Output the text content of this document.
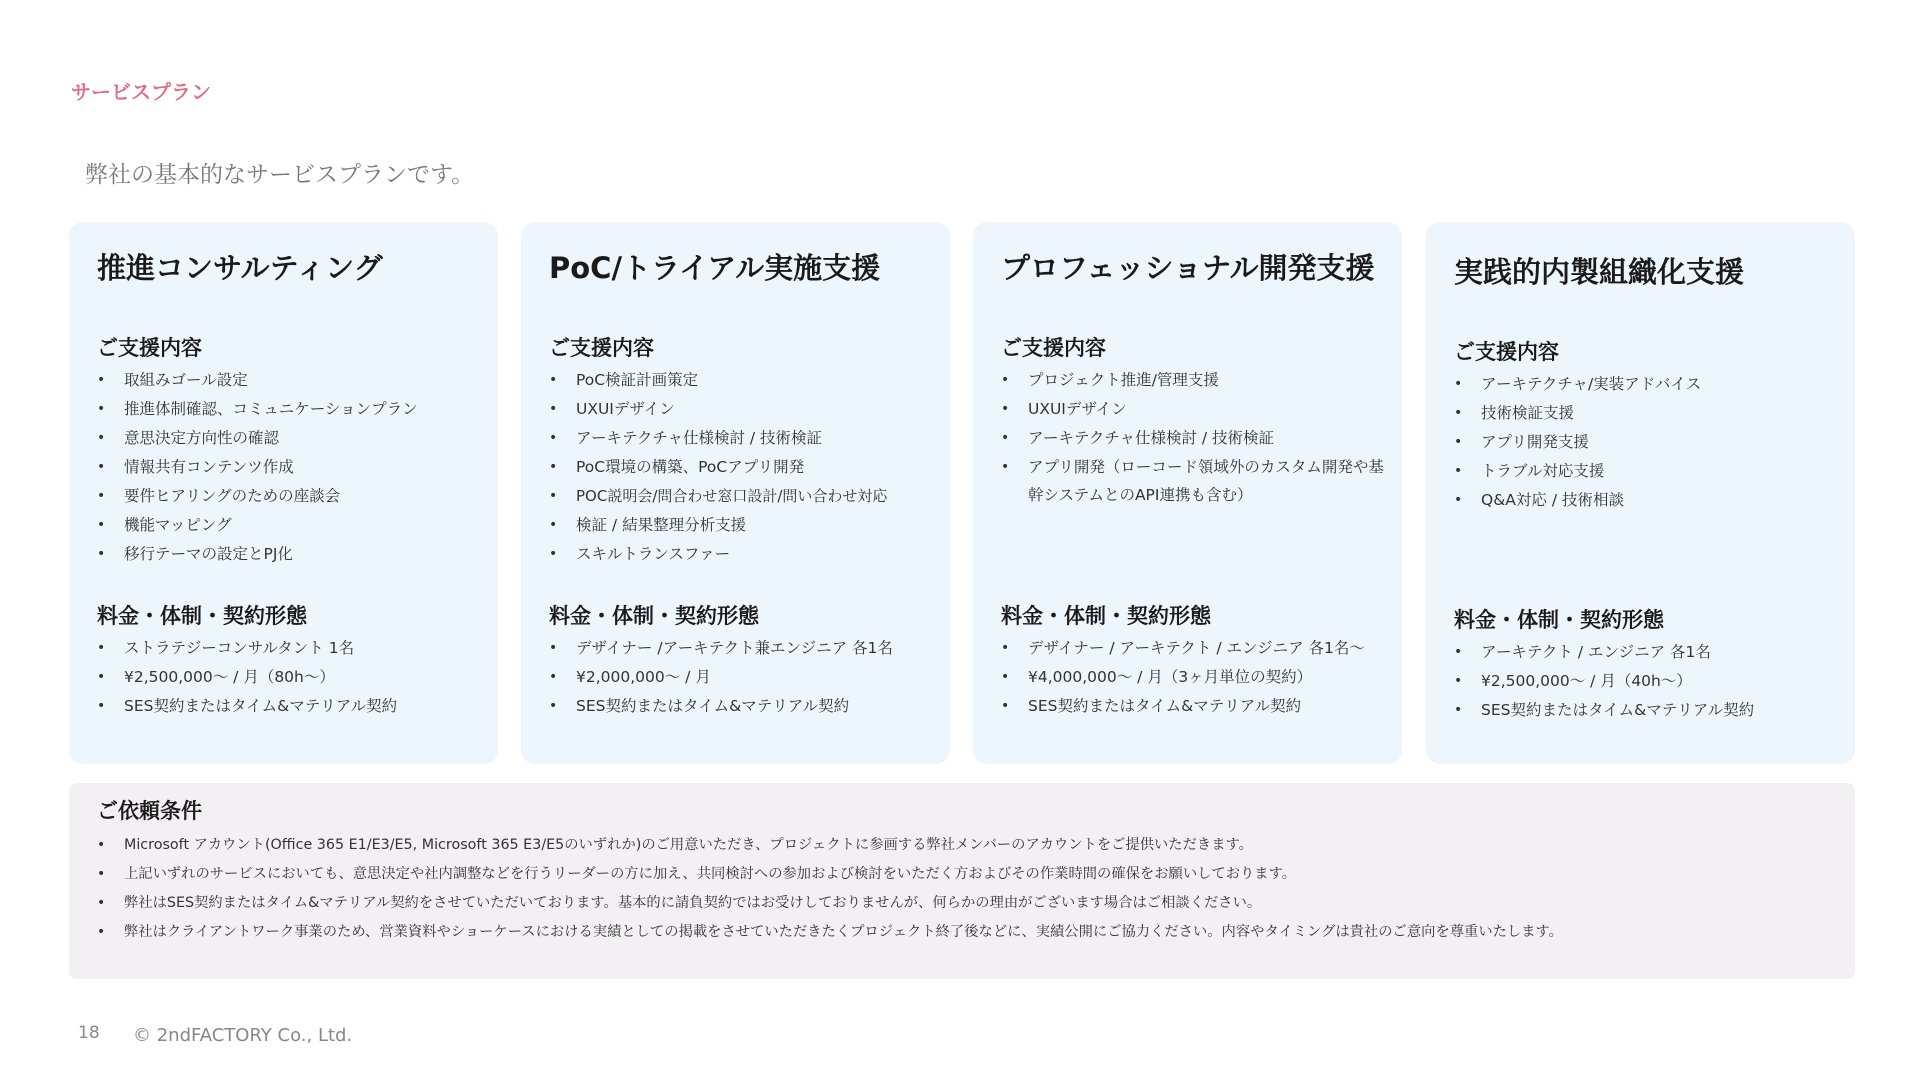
サービスプラン
弊社の基本的なサービスプランです。
推進コンサルティング
ご支援内容
• 取組みゴール設定
• 推進体制確認、コミュニケーションプラン
• 意思決定方向性の確認
• 情報共有コンテンツ作成
• 要件ヒアリングのための座談会
• 機能マッピング
• 移行テーマの設定とPJ化
料金・体制・契約形態
• ストラテジーコンサルタント 1名
• ¥2,500,000～ / 月（80h～）
• SES契約またはタイム&マテリアル契約
PoC/トライアル実施支援
ご支援内容
• PoC検証計画策定
• UXUIデザイン
• アーキテクチャ仕様検討 / 技術検証
• PoC環境の構築、PoCアプリ開発
• POC説明会/問合わせ窓口設計/問い合わせ対応
• 検証 / 結果整理分析支援
• スキルトランスファー
料金・体制・契約形態
• デザイナー /アーキテクト兼エンジニア 各1名
• ¥2,000,000～ / 月
• SES契約またはタイム&マテリアル契約
プロフェッショナル開発支援
ご支援内容
• プロジェクト推進/管理支援
• UXUIデザイン
• アーキテクチャ仕様検討 / 技術検証
• アプリ開発（ローコード領域外のカスタム開発や基幹システムとのAPI連携も含む）
料金・体制・契約形態
• デザイナー / アーキテクト / エンジニア 各1名～
• ¥4,000,000～ / 月（3ヶ月単位の契約）
• SES契約またはタイム&マテリアル契約
実践的内製組織化支援
ご支援内容
• アーキテクチャ/実装アドバイス
• 技術検証支援
• アプリ開発支援
• トラブル対応支援
• Q&A対応 / 技術相談
料金・体制・契約形態
• アーキテクト / エンジニア 各1名
• ¥2,500,000～ / 月（40h～）
• SES契約またはタイム&マテリアル契約
ご依頼条件
• Microsoft アカウント(Office 365 E1/E3/E5, Microsoft 365 E3/E5のいずれか)のご用意いただき、プロジェクトに参画する弊社メンバーのアカウントをご提供いただきます。
• 上記いずれのサービスにおいても、意思決定や社内調整などを行うリーダーの方に加え、共同検討への参加および検討をいただく方およびその作業時間の確保をお願いしております。
• 弊社はSES契約またはタイム&マテリアル契約をさせていただいております。基本的に請負契約ではお受けしておりませんが、何らかの理由がございます場合はご相談ください。
• 弊社はクライアントワーク事業のため、営業資料やショーケースにおける実績としての掲載をさせていただきたくプロジェクト終了後などに、実績公開にご協力ください。内容やタイミングは貴社のご意向を尊重いたします。
18 © 2ndFACTORY Co., Ltd.
